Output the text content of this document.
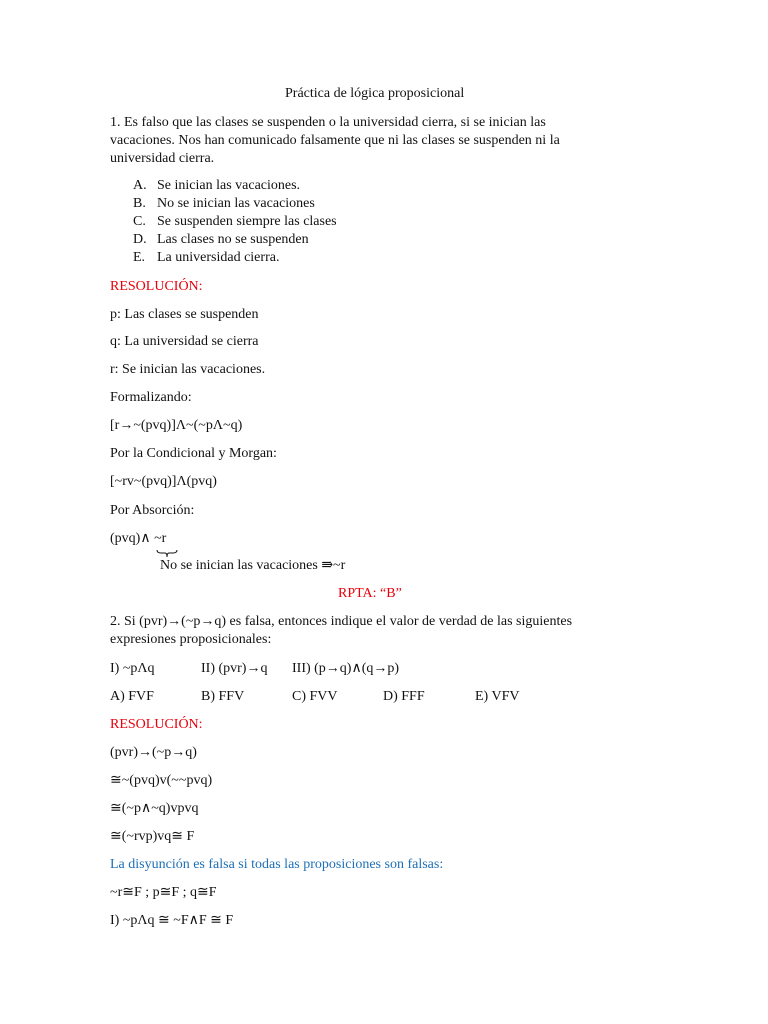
Práctica de lógica proposicional
1. Es falso que las clases se suspenden o la universidad cierra, si se inician las
vacaciones. Nos han comunicado falsamente que ni las clases se suspenden ni la
universidad cierra.
A. Se inician las vacaciones.
B. No se inician las vacaciones
C. Se suspenden siempre las clases
D. Las clases no se suspenden
E. La universidad cierra.
RESOLUCIÓN:
p: Las clases se suspenden
q: La universidad se cierra
r: Se inician las vacaciones.
Formalizando:
[r→~(pvq)]Λ~(~pΛ~q)
Por la Condicional y Morgan:
[~rv~(pvq)]Λ(pvq)
Por Absorción:
(pvq)∧ ~r
No se inician las vacaciones ⇛~r
RPTA: “B”
2. Si (pvr)→(~p→q) es falsa, entonces indique el valor de verdad de las siguientes
expresiones proposicionales:
I) ~pΛq	II) (pvr)→q III) (p→q)∧(q→p)
A) FVF	B) FFV	C) FVV	D) FFF	E) VFV
RESOLUCIÓN:
(pvr)→(~p→q)
≅~(pvq)v(~~pvq)
≅(~p∧~q)vpvq
≅(~rvp)vq≅ F
La disyunción es falsa si todas las proposiciones son falsas:
~r≅F ; p≅F ; q≅F
I) ~pΛq ≅ ~F∧F ≅ F
